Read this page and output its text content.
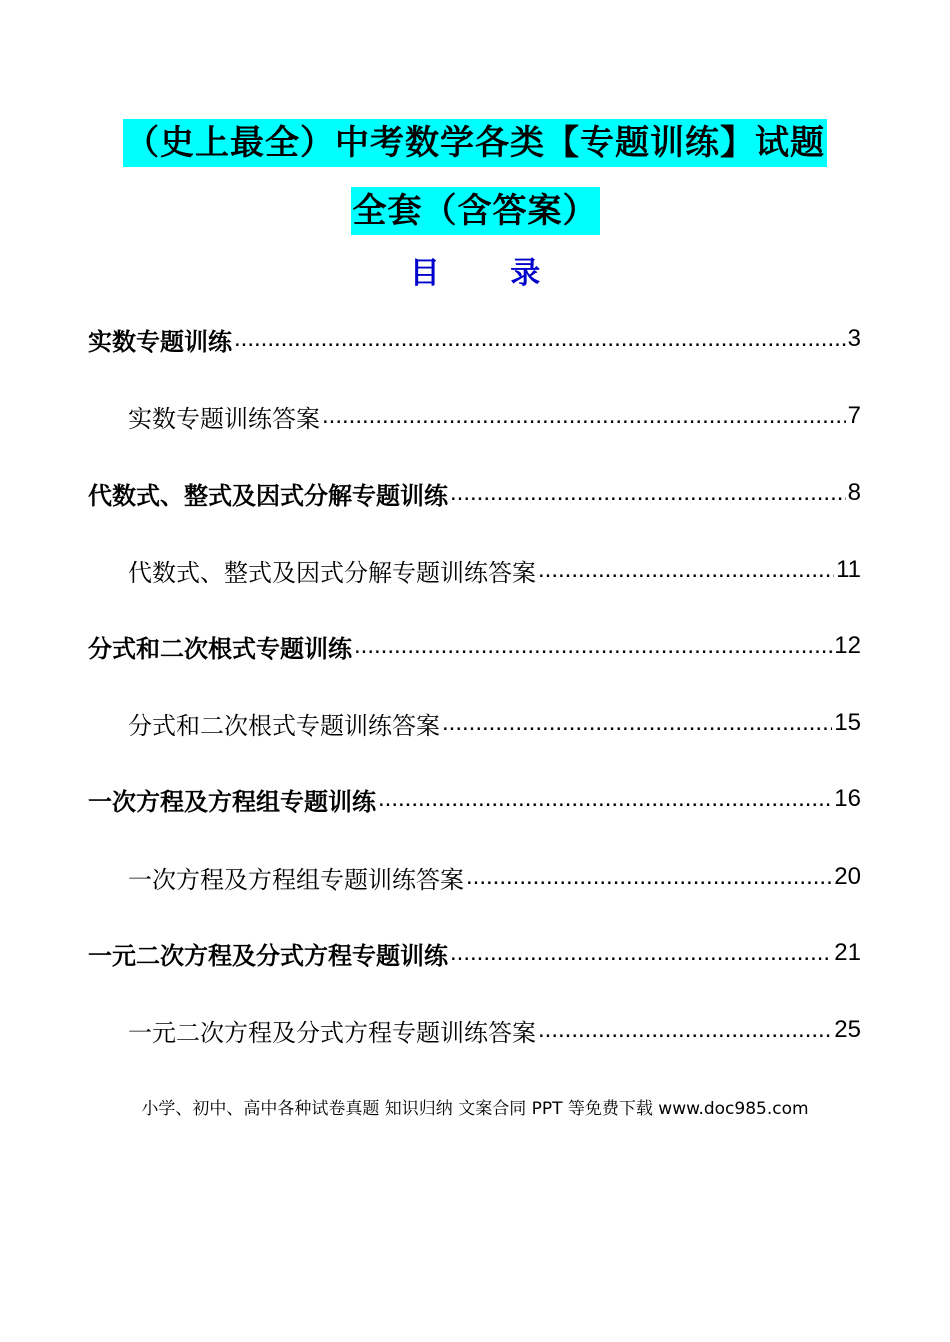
（史上最全）中考数学各类【专题训练】试题
全套（含答案）
目 录
实数专题训练 .....	3
实数专题训练答案 .....	7
代数式、整式及因式分解专题训练 .....	8
代数式、整式及因式分解专题训练答案 .....	11
分式和二次根式专题训练 .....	12
分式和二次根式专题训练答案 .....	15
一次方程及方程组专题训练 .....	16
一次方程及方程组专题训练答案 .....	20
一元二次方程及分式方程专题训练 .....	21
一元二次方程及分式方程专题训练答案 .....	25
小学、初中、高中各种试卷真题 知识归纳 文案合同 PPT 等免费下载 www.doc985.com
